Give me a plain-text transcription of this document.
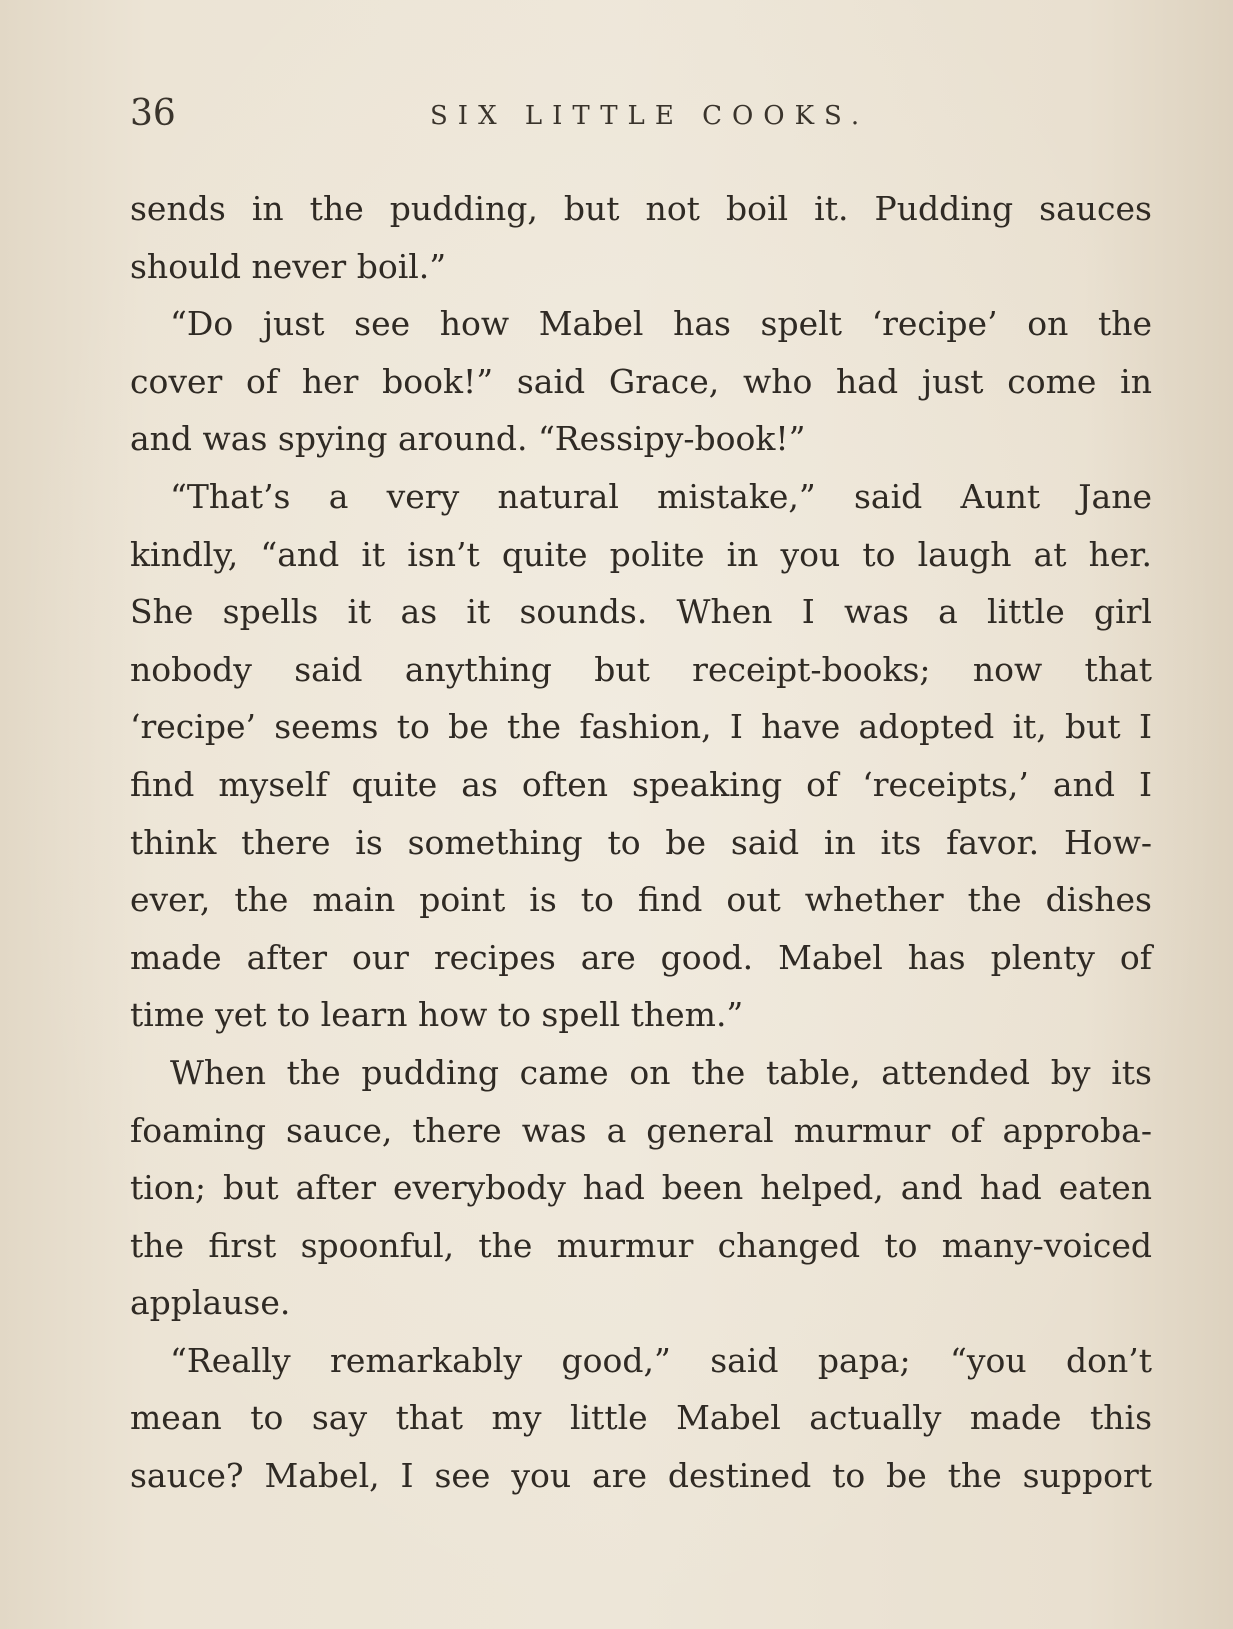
36	SIX LITTLE COOKS.
sends in the pudding, but not boil it. Pudding sauces
should never boil.”
“Do just see how Mabel has spelt ‘recipe’ on the
cover of her book!” said Grace, who had just come in
and was spying around. “Ressipy-book!”
“That’s a very natural mistake,” said Aunt Jane
kindly, “and it isn’t quite polite in you to laugh at her.
She spells it as it sounds. When I was a little girl
nobody said anything but receipt-books; now that
‘recipe’ seems to be the fashion, I have adopted it, but I
find myself quite as often speaking of ‘receipts,’ and I
think there is something to be said in its favor. How-
ever, the main point is to find out whether the dishes
made after our recipes are good. Mabel has plenty of
time yet to learn how to spell them.”
When the pudding came on the table, attended by its
foaming sauce, there was a general murmur of approba-
tion; but after everybody had been helped, and had eaten
the first spoonful, the murmur changed to many-voiced
applause.
“Really remarkably good,” said papa; “you don’t
mean to say that my little Mabel actually made this
sauce? Mabel, I see you are destined to be the support
